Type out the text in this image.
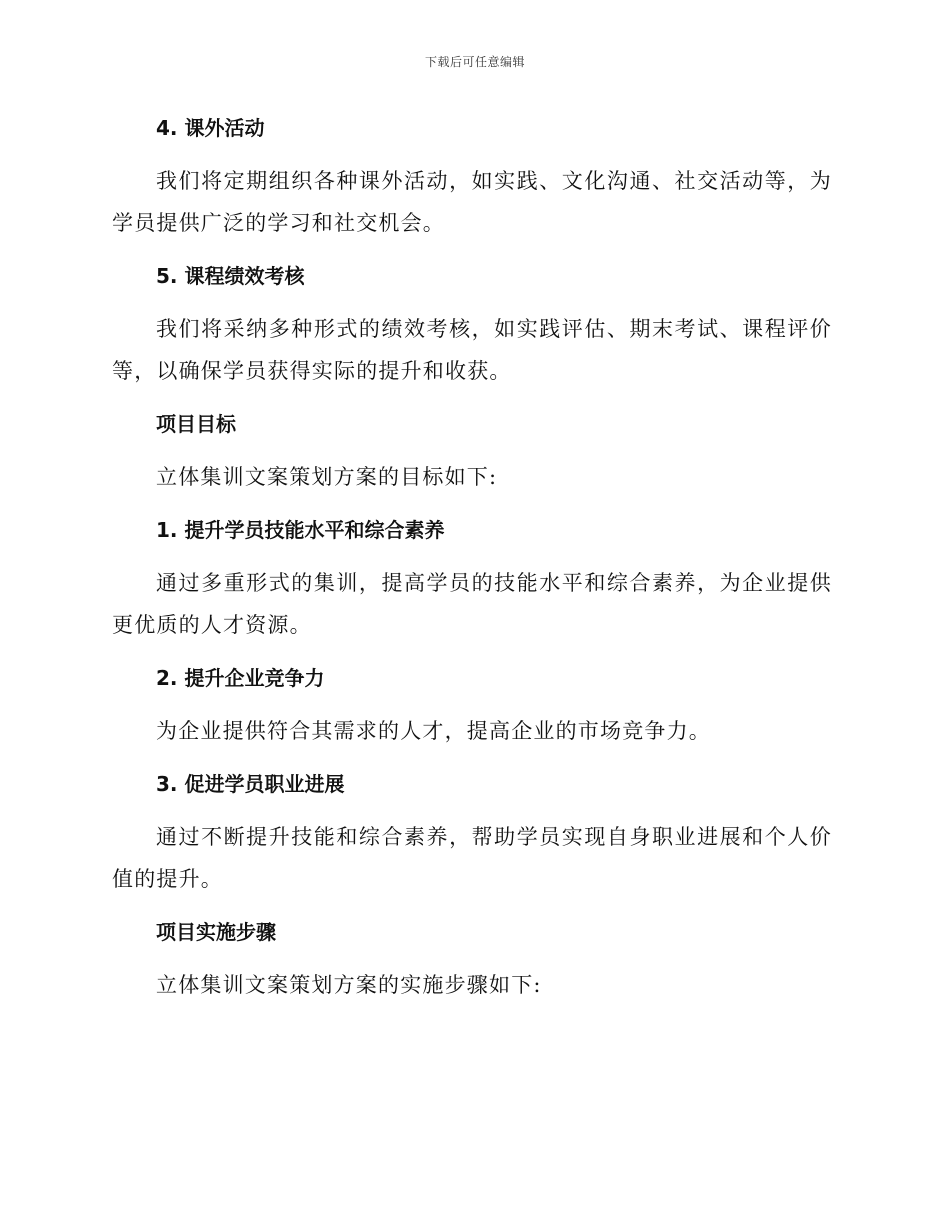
下载后可任意编辑

4. 课外活动

我们将定期组织各种课外活动，如实践、文化沟通、社交活动等，为学员提供广泛的学习和社交机会。

5. 课程绩效考核

我们将采纳多种形式的绩效考核，如实践评估、期末考试、课程评价等，以确保学员获得实际的提升和收获。

项目目标

立体集训文案策划方案的目标如下:

1. 提升学员技能水平和综合素养

通过多重形式的集训，提高学员的技能水平和综合素养，为企业提供更优质的人才资源。

2. 提升企业竞争力

为企业提供符合其需求的人才，提高企业的市场竞争力。

3. 促进学员职业进展

通过不断提升技能和综合素养，帮助学员实现自身职业进展和个人价值的提升。

项目实施步骤

立体集训文案策划方案的实施步骤如下:
